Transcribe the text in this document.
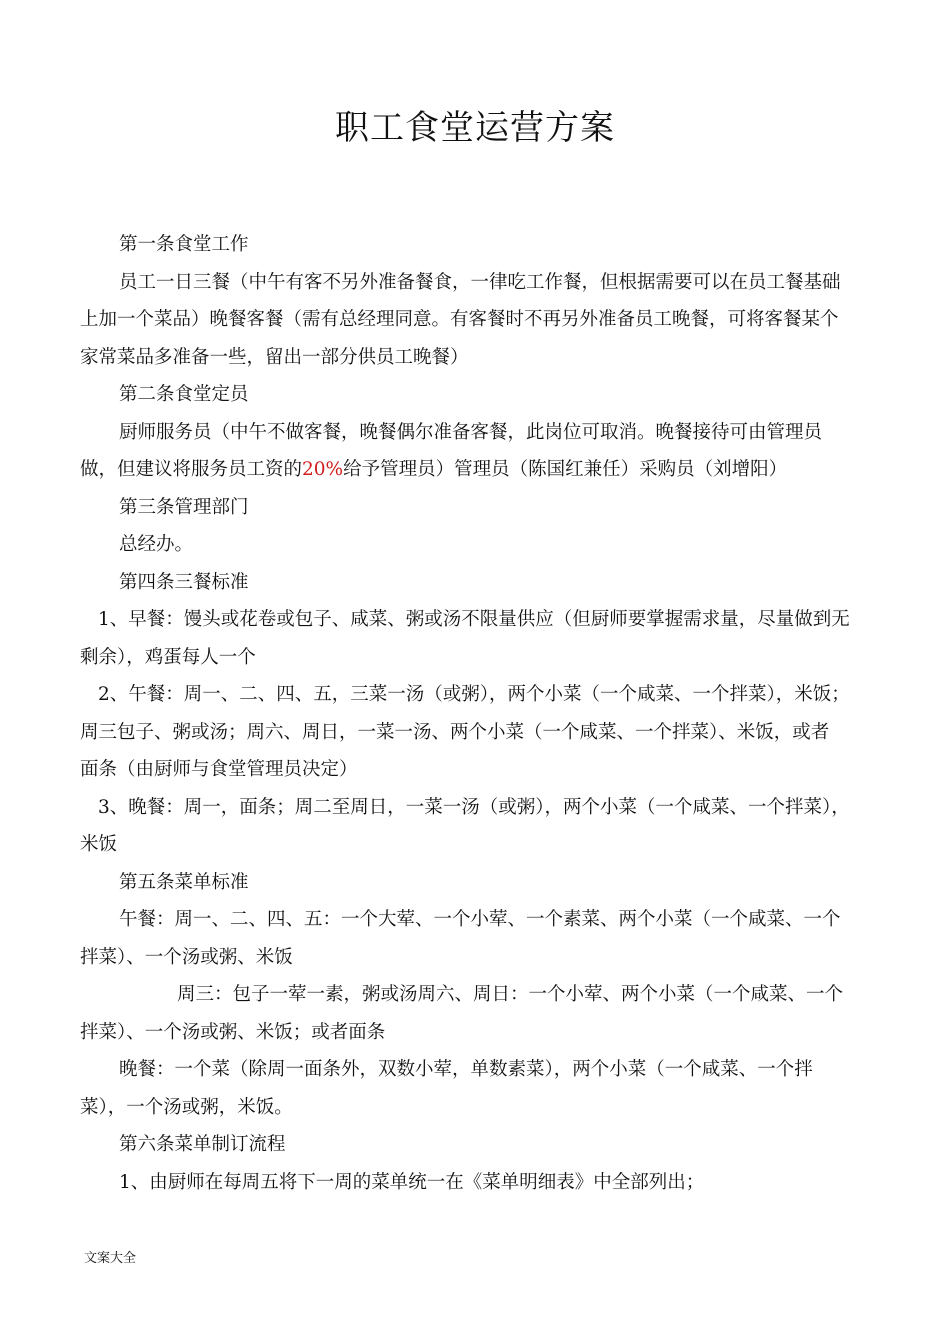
职工食堂运营方案

第一条食堂工作

员工一日三餐（中午有客不另外准备餐食，一律吃工作餐，但根据需要可以在员工餐基础

上加一个菜品）晚餐客餐（需有总经理同意。有客餐时不再另外准备员工晚餐，可将客餐某个

家常菜品多准备一些，留出一部分供员工晚餐）

第二条食堂定员

厨师服务员（中午不做客餐，晚餐偶尔准备客餐，此岗位可取消。晚餐接待可由管理员

做，但建议将服务员工资的20%给予管理员）管理员（陈国红兼任）采购员（刘增阳）

第三条管理部门

总经办。

第四条三餐标准

1、早餐：馒头或花卷或包子、咸菜、粥或汤不限量供应（但厨师要掌握需求量，尽量做到无

剩余），鸡蛋每人一个

2、午餐：周一、二、四、五，三菜一汤（或粥），两个小菜（一个咸菜、一个拌菜），米饭；

周三包子、粥或汤；周六、周日，一菜一汤、两个小菜（一个咸菜、一个拌菜）、米饭，或者

面条（由厨师与食堂管理员决定）

3、晚餐：周一，面条；周二至周日，一菜一汤（或粥），两个小菜（一个咸菜、一个拌菜），

米饭

第五条菜单标准

午餐：周一、二、四、五：一个大荤、一个小荤、一个素菜、两个小菜（一个咸菜、一个

拌菜）、一个汤或粥、米饭

周三：包子一荤一素，粥或汤周六、周日：一个小荤、两个小菜（一个咸菜、一个

拌菜）、一个汤或粥、米饭；或者面条

晚餐：一个菜（除周一面条外，双数小荤，单数素菜），两个小菜（一个咸菜、一个拌

菜），一个汤或粥，米饭。

第六条菜单制订流程

1、由厨师在每周五将下一周的菜单统一在《菜单明细表》中全部列出；

文案大全
